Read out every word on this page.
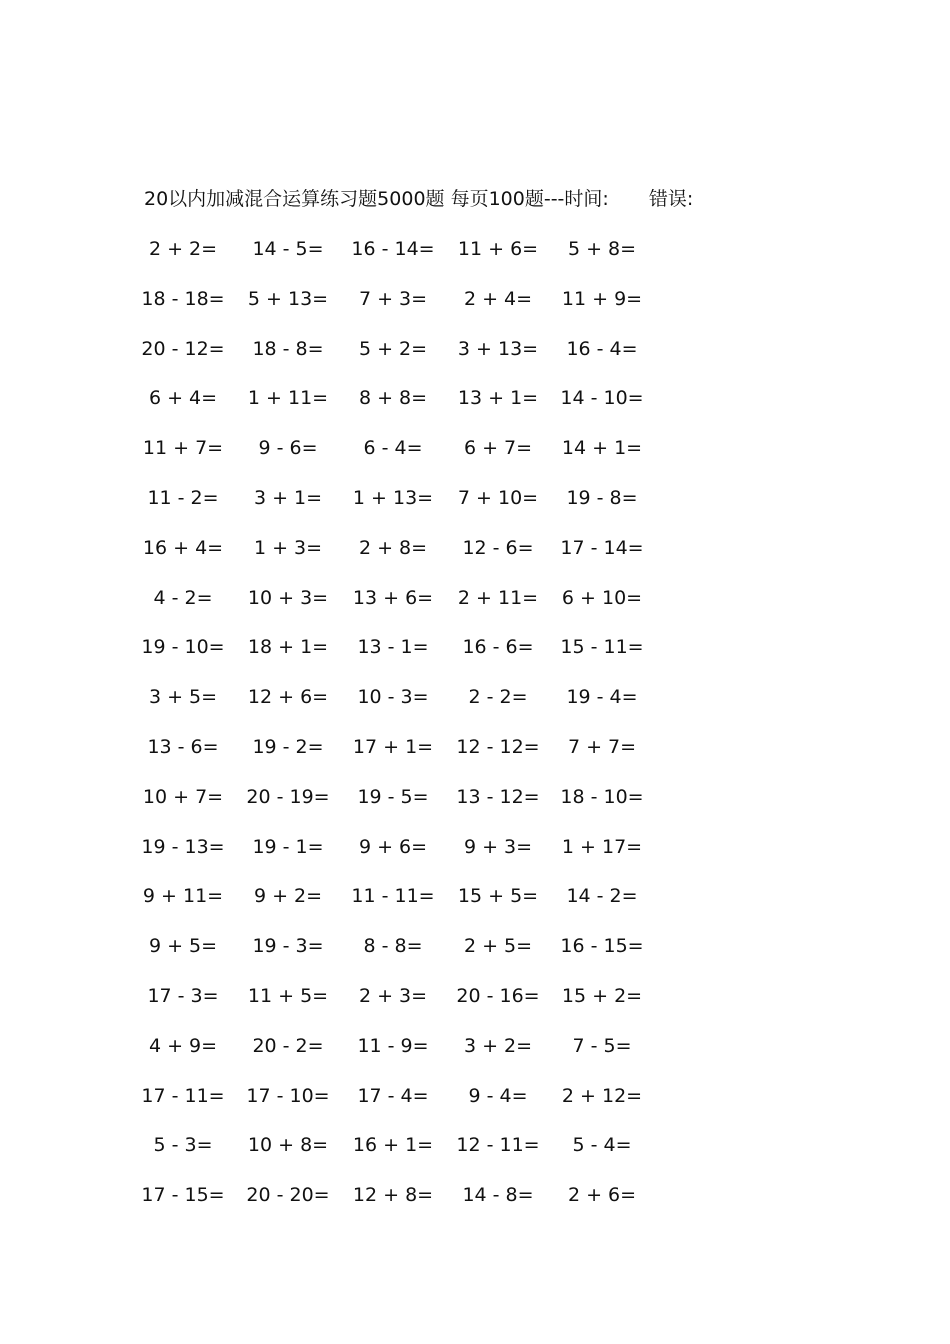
20以内加减混合运算练习题5000题 每页100题---时间: 错误:
2 + 2= 14 - 5= 16 - 14= 11 + 6= 5 + 8=
18 - 18= 5 + 13= 7 + 3= 2 + 4= 11 + 9=
20 - 12= 18 - 8= 5 + 2= 3 + 13= 16 - 4=
6 + 4= 1 + 11= 8 + 8= 13 + 1= 14 - 10=
11 + 7= 9 - 6= 6 - 4= 6 + 7= 14 + 1=
11 - 2= 3 + 1= 1 + 13= 7 + 10= 19 - 8=
16 + 4= 1 + 3= 2 + 8= 12 - 6= 17 - 14=
4 - 2= 10 + 3= 13 + 6= 2 + 11= 6 + 10=
19 - 10= 18 + 1= 13 - 1= 16 - 6= 15 - 11=
3 + 5= 12 + 6= 10 - 3= 2 - 2= 19 - 4=
13 - 6= 19 - 2= 17 + 1= 12 - 12= 7 + 7=
10 + 7= 20 - 19= 19 - 5= 13 - 12= 18 - 10=
19 - 13= 19 - 1= 9 + 6= 9 + 3= 1 + 17=
9 + 11= 9 + 2= 11 - 11= 15 + 5= 14 - 2=
9 + 5= 19 - 3= 8 - 8= 2 + 5= 16 - 15=
17 - 3= 11 + 5= 2 + 3= 20 - 16= 15 + 2=
4 + 9= 20 - 2= 11 - 9= 3 + 2= 7 - 5=
17 - 11= 17 - 10= 17 - 4= 9 - 4= 2 + 12=
5 - 3= 10 + 8= 16 + 1= 12 - 11= 5 - 4=
17 - 15= 20 - 20= 12 + 8= 14 - 8= 2 + 6=
